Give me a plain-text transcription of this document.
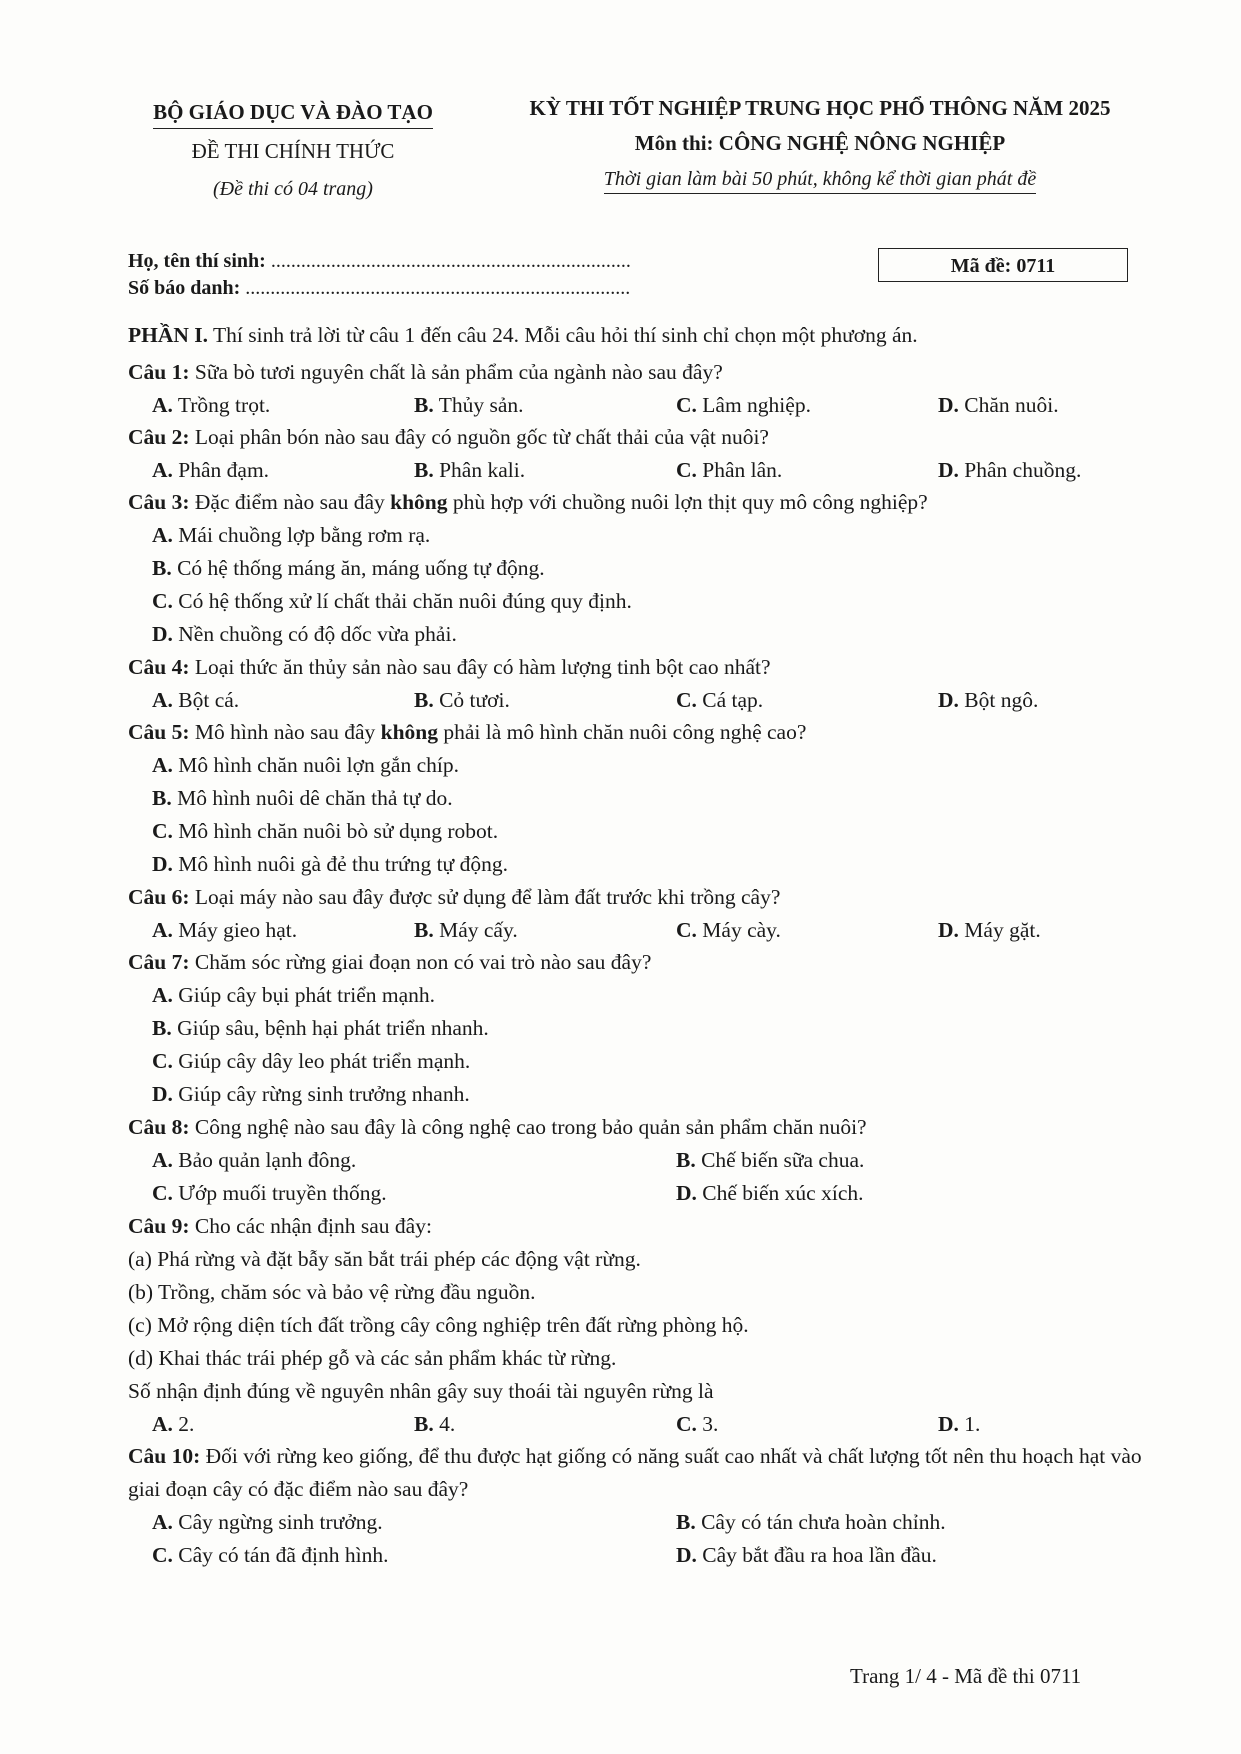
BỘ GIÁO DỤC VÀ ĐÀO TẠO
ĐỀ THI CHÍNH THỨC
(Đề thi có 04 trang)
KỲ THI TỐT NGHIỆP TRUNG HỌC PHỔ THÔNG NĂM 2025
Môn thi: CÔNG NGHỆ NÔNG NGHIỆP
Thời gian làm bài 50 phút, không kể thời gian phát đề
Họ, tên thí sinh: ........................................................................
Số báo danh: .............................................................................
Mã đề: 0711
PHẦN I. Thí sinh trả lời từ câu 1 đến câu 24. Mỗi câu hỏi thí sinh chỉ chọn một phương án.
Câu 1: Sữa bò tươi nguyên chất là sản phẩm của ngành nào sau đây?
A. Trồng trọt.	B. Thủy sản.	C. Lâm nghiệp.	D. Chăn nuôi.
Câu 2: Loại phân bón nào sau đây có nguồn gốc từ chất thải của vật nuôi?
A. Phân đạm.	B. Phân kali.	C. Phân lân.	D. Phân chuồng.
Câu 3: Đặc điểm nào sau đây không phù hợp với chuồng nuôi lợn thịt quy mô công nghiệp?
A. Mái chuồng lợp bằng rơm rạ.
B. Có hệ thống máng ăn, máng uống tự động.
C. Có hệ thống xử lí chất thải chăn nuôi đúng quy định.
D. Nền chuồng có độ dốc vừa phải.
Câu 4: Loại thức ăn thủy sản nào sau đây có hàm lượng tinh bột cao nhất?
A. Bột cá.	B. Cỏ tươi.	C. Cá tạp.	D. Bột ngô.
Câu 5: Mô hình nào sau đây không phải là mô hình chăn nuôi công nghệ cao?
A. Mô hình chăn nuôi lợn gắn chíp.
B. Mô hình nuôi dê chăn thả tự do.
C. Mô hình chăn nuôi bò sử dụng robot.
D. Mô hình nuôi gà đẻ thu trứng tự động.
Câu 6: Loại máy nào sau đây được sử dụng để làm đất trước khi trồng cây?
A. Máy gieo hạt.	B. Máy cấy.	C. Máy cày.	D. Máy gặt.
Câu 7: Chăm sóc rừng giai đoạn non có vai trò nào sau đây?
A. Giúp cây bụi phát triển mạnh.
B. Giúp sâu, bệnh hại phát triển nhanh.
C. Giúp cây dây leo phát triển mạnh.
D. Giúp cây rừng sinh trưởng nhanh.
Câu 8: Công nghệ nào sau đây là công nghệ cao trong bảo quản sản phẩm chăn nuôi?
A. Bảo quản lạnh đông.	B. Chế biến sữa chua.
C. Ướp muối truyền thống.	D. Chế biến xúc xích.
Câu 9: Cho các nhận định sau đây:
(a) Phá rừng và đặt bẫy săn bắt trái phép các động vật rừng.
(b) Trồng, chăm sóc và bảo vệ rừng đầu nguồn.
(c) Mở rộng diện tích đất trồng cây công nghiệp trên đất rừng phòng hộ.
(d) Khai thác trái phép gỗ và các sản phẩm khác từ rừng.
Số nhận định đúng về nguyên nhân gây suy thoái tài nguyên rừng là
A. 2.	B. 4.	C. 3.	D. 1.
Câu 10: Đối với rừng keo giống, để thu được hạt giống có năng suất cao nhất và chất lượng tốt nên thu hoạch hạt vào giai đoạn cây có đặc điểm nào sau đây?
A. Cây ngừng sinh trưởng.	B. Cây có tán chưa hoàn chỉnh.
C. Cây có tán đã định hình.	D. Cây bắt đầu ra hoa lần đầu.
Trang 1/ 4 - Mã đề thi 0711
